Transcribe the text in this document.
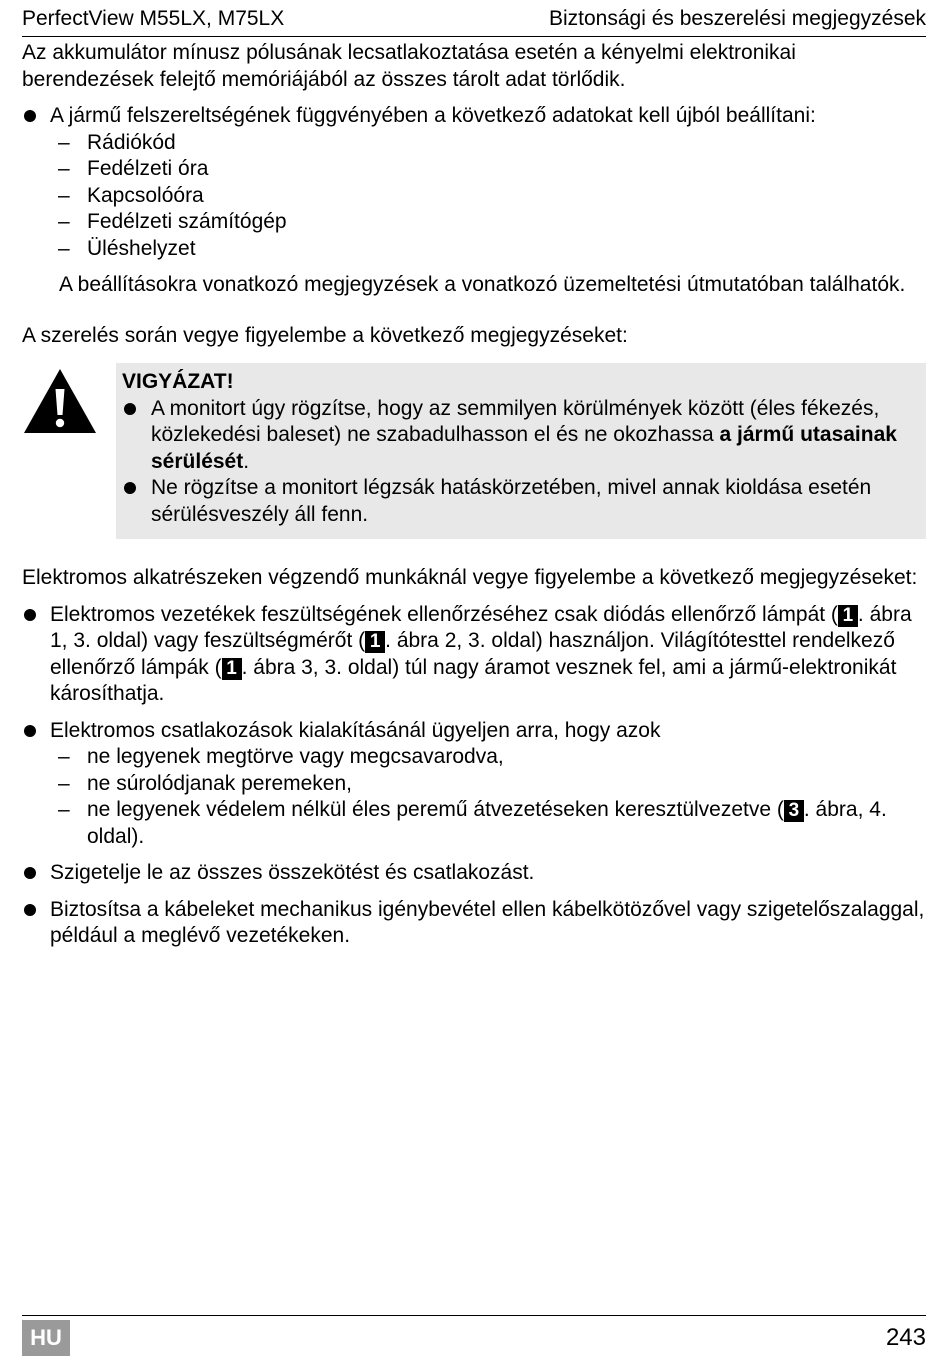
PerfectView M55LX, M75LX	Biztonsági és beszerelési megjegyzések

Az akkumulátor mínusz pólusának lecsatlakoztatása esetén a kényelmi elektronikai berendezések felejtő memóriájából az összes tárolt adat törlődik.

A jármű felszereltségének függvényében a következő adatokat kell újból beállítani:
– Rádiókód
– Fedélzeti óra
– Kapcsolóóra
– Fedélzeti számítógép
– Üléshelyzet

A beállításokra vonatkozó megjegyzések a vonatkozó üzemeltetési útmutatóban találhatók.

A szerelés során vegye figyelembe a következő megjegyzéseket:

VIGYÁZAT!
A monitort úgy rögzítse, hogy az semmilyen körülmények között (éles fékezés, közlekedési baleset) ne szabadulhasson el és ne okozhassa a jármű utasainak sérülését.
Ne rögzítse a monitort légzsák hatáskörzetében, mivel annak kioldása esetén sérülésveszély áll fenn.

Elektromos alkatrészeken végzendő munkáknál vegye figyelembe a következő megjegyzéseket:

Elektromos vezetékek feszültségének ellenőrzéséhez csak diódás ellenőrző lámpát ( 1 . ábra 1, 3. oldal) vagy feszültségmérőt ( 1 . ábra 2, 3. oldal) használjon. Világítótesttel rendelkező ellenőrző lámpák ( 1 . ábra 3, 3. oldal) túl nagy áramot vesznek fel, ami a jármű-elektronikát károsíthatja.
Elektromos csatlakozások kialakításánál ügyeljen arra, hogy azok
– ne legyenek megtörve vagy megcsavarodva,
– ne súrolódjanak peremeken,
– ne legyenek védelem nélkül éles peremű átvezetéseken keresztülvezetve ( 3 . ábra, 4. oldal).
Szigetelje le az összes összekötést és csatlakozást.
Biztosítsa a kábeleket mechanikus igénybevétel ellen kábelkötözővel vagy szigetelőszalaggal, például a meglévő vezetékeken.
HU	243
